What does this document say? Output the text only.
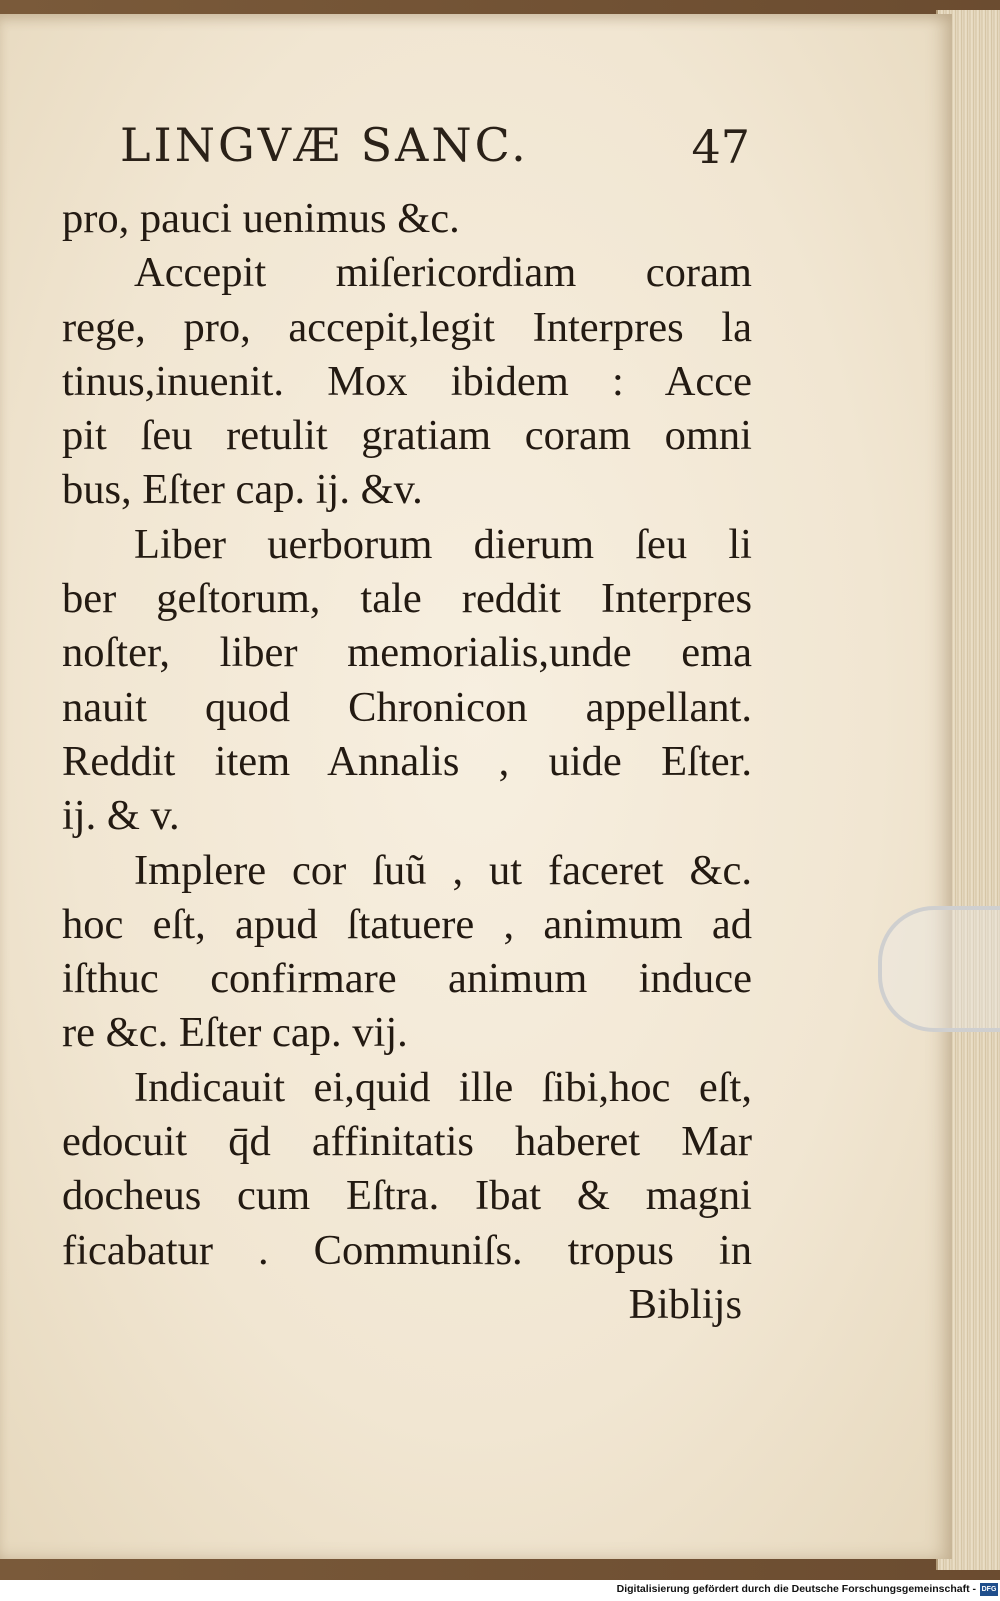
LINGVÆ SANC.	47
pro, pauci uenimus &c.
Accepit miſericordiam coram
rege, pro, accepit,legit Interpres la
tinus,inuenit. Mox ibidem : Acce
pit ſeu retulit gratiam coram omni
bus, Eſter cap. ij. &v.
Liber uerborum dierum ſeu li
ber geſtorum, tale reddit Interpres
noſter, liber memorialis,unde ema
nauit quod Chronicon appellant.
Reddit item Annalis , uide Eſter.
ij. & v.
Implere cor ſuũ , ut faceret &c.
hoc eſt, apud ſtatuere , animum ad
iſthuc confirmare animum induce
re &c. Eſter cap. vij.
Indicauit ei,quid ille ſibi,hoc eſt,
edocuit q̄d affinitatis haberet Mar
docheus cum Eſtra. Ibat & magni
ficabatur . Communiſs. tropus in
Biblijs
Digitalisierung gefördert durch die Deutsche Forschungsgemeinschaft - DFG
